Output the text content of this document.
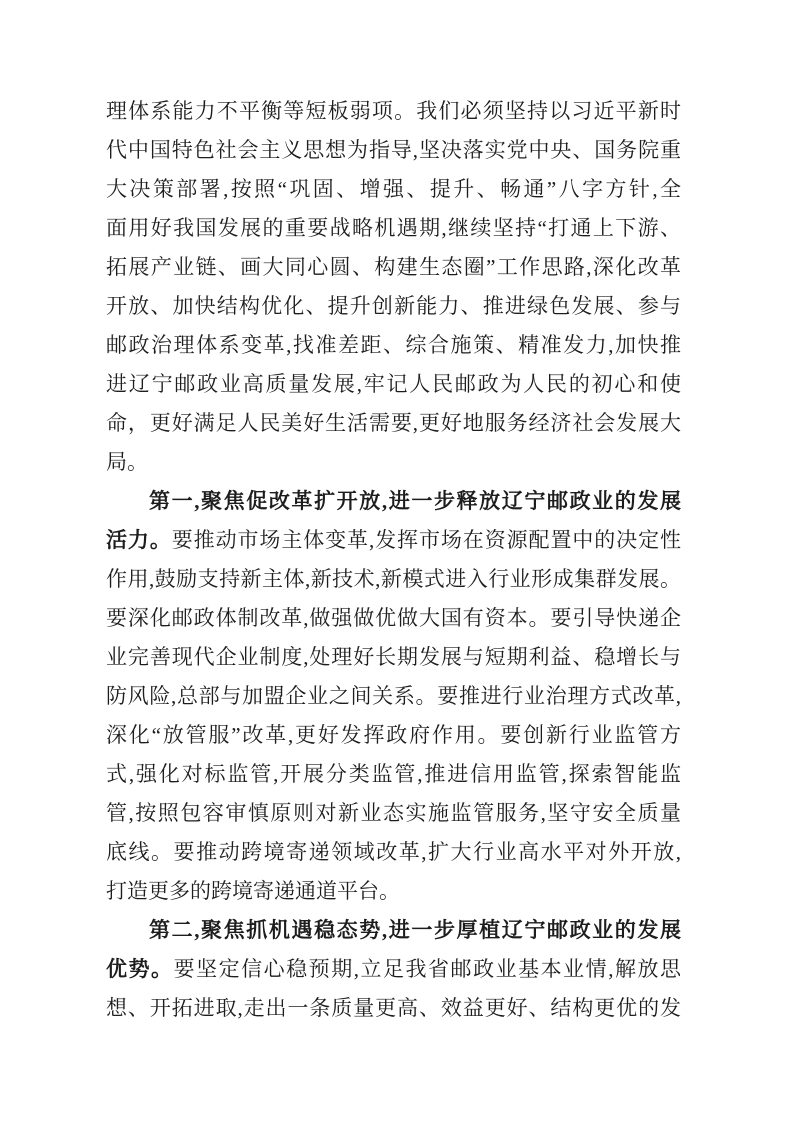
理体系能力不平衡等短板弱项。我们必须坚持以习近平新时
代中国特色社会主义思想为指导,坚决落实党中央、国务院重
大决策部署,按照“巩固、增强、提升、畅通”八字方针,全
面用好我国发展的重要战略机遇期,继续坚持“打通上下游、
拓展产业链、画大同心圆、构建生态圈”工作思路,深化改革
开放、加快结构优化、提升创新能力、推进绿色发展、参与
邮政治理体系变革,找准差距、综合施策、精准发力,加快推
进辽宁邮政业高质量发展,牢记人民邮政为人民的初心和使
命，更好满足人民美好生活需要,更好地服务经济社会发展大
局。
第一,聚焦促改革扩开放,进一步释放辽宁邮政业的发展
活力。要推动市场主体变革,发挥市场在资源配置中的决定性
作用,鼓励支持新主体,新技术,新模式进入行业形成集群发展。
要深化邮政体制改革,做强做优做大国有资本。要引导快递企
业完善现代企业制度,处理好长期发展与短期利益、稳增长与
防风险,总部与加盟企业之间关系。要推进行业治理方式改革,
深化“放管服”改革,更好发挥政府作用。要创新行业监管方
式,强化对标监管,开展分类监管,推进信用监管,探索智能监
管,按照包容审慎原则对新业态实施监管服务,坚守安全质量
底线。要推动跨境寄递领域改革,扩大行业高水平对外开放,
打造更多的跨境寄递通道平台。
第二,聚焦抓机遇稳态势,进一步厚植辽宁邮政业的发展
优势。要坚定信心稳预期,立足我省邮政业基本业情,解放思
想、开拓进取,走出一条质量更高、效益更好、结构更优的发
